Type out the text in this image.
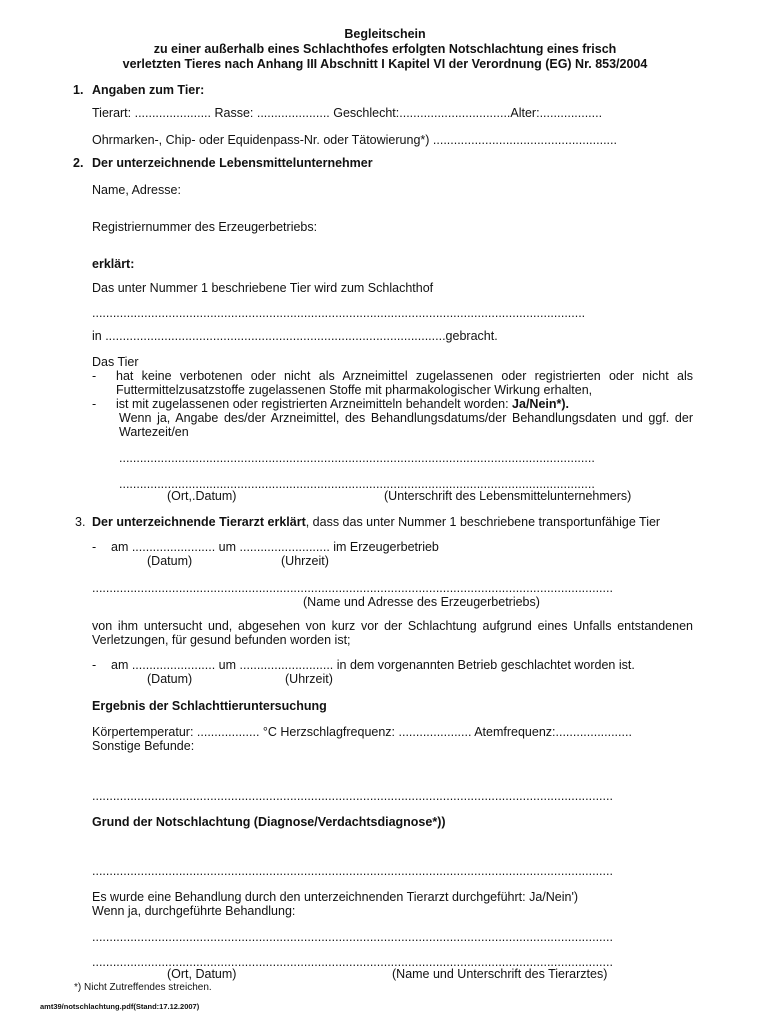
Begleitschein
zu einer außerhalb eines Schlachthofes erfolgten Notschlachtung eines frisch
verletzten Tieres nach Anhang III Abschnitt I Kapitel VI der Verordnung (EG) Nr. 853/2004
1. Angaben zum Tier:
Tierart: ...................... Rasse: ..................... Geschlecht:................................Alter:..................
Ohrmarken-, Chip- oder Equidenpass-Nr. oder Tätowierung*) .....................................................
2. Der unterzeichnende Lebensmittelunternehmer
Name, Adresse:
Registriernummer des Erzeugerbetriebs:
erklärt:
Das unter Nummer 1 beschriebene Tier wird zum Schlachthof
..............................................................................................................................................
in ..................................................................................................gebracht.
Das Tier
- hat keine verbotenen oder nicht als Arzneimittel zugelassenen oder registrierten oder nicht als
Futtermittelzusatzstoffe zugelassenen Stoffe mit pharmakologischer Wirkung erhalten,
- ist mit zugelassenen oder registrierten Arzneimitteln behandelt worden: Ja/Nein*).
Wenn ja, Angabe des/der Arzneimittel, des Behandlungsdatums/der Behandlungsdaten und ggf. der
Wartezeit/en
.........................................................................................................................................
.........................................................................................................................................
(Ort,.Datum)	(Unterschrift des Lebensmittelunternehmers)
3. Der unterzeichnende Tierarzt erklärt, dass das unter Nummer 1 beschriebene transportunfähige Tier
- am ........................ um .......................... im Erzeugerbetrieb
(Datum)	(Uhrzeit)
......................................................................................................................................................
(Name und Adresse des Erzeugerbetriebs)
von ihm untersucht und, abgesehen von kurz vor der Schlachtung aufgrund eines Unfalls entstandenen
Verletzungen, für gesund befunden worden ist;
- am ........................ um ........................... in dem vorgenannten Betrieb geschlachtet worden ist.
(Datum)	(Uhrzeit)
Ergebnis der Schlachttieruntersuchung
Körpertemperatur: .................. °C Herzschlagfrequenz: ..................... Atemfrequenz:......................
Sonstige Befunde:
......................................................................................................................................................
Grund der Notschlachtung (Diagnose/Verdachtsdiagnose*))
......................................................................................................................................................
Es wurde eine Behandlung durch den unterzeichnenden Tierarzt durchgeführt: Ja/Nein')
Wenn ja, durchgeführte Behandlung:
......................................................................................................................................................
......................................................................................................................................................
(Ort, Datum)	(Name und Unterschrift des Tierarztes)
*) Nicht Zutreffendes streichen.
amt39/notschlachtung.pdf(Stand:17.12.2007)
